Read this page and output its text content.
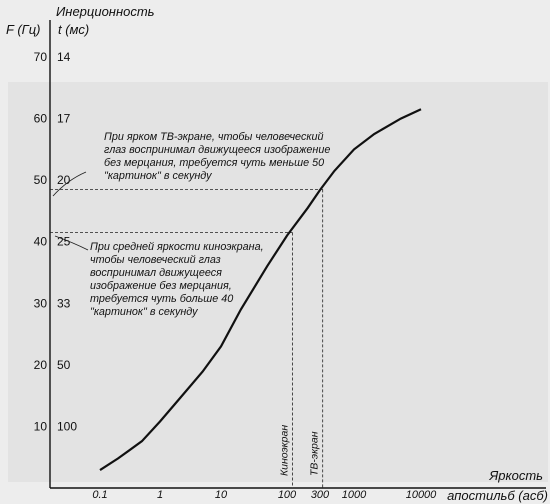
F (Гц)
Инерционность
t (мс)
Яркость
апостильб (асб)
Киноэкран ТВ-экран
70
60
50
40
30
20
10
14
17
20
25
33
50
100
0.1	1	10	100 300 1000	10000
При ярком ТВ-экране, чтобы человеческий
глаз воспринимал движущееся изображение
без мерцания, требуется чуть меньше 50
"картинок" в секунду
При средней яркости киноэкрана,
чтобы человеческий глаз
воспринимал движущееся
изображение без мерцания,
требуется чуть больше 40
"картинок" в секунду
